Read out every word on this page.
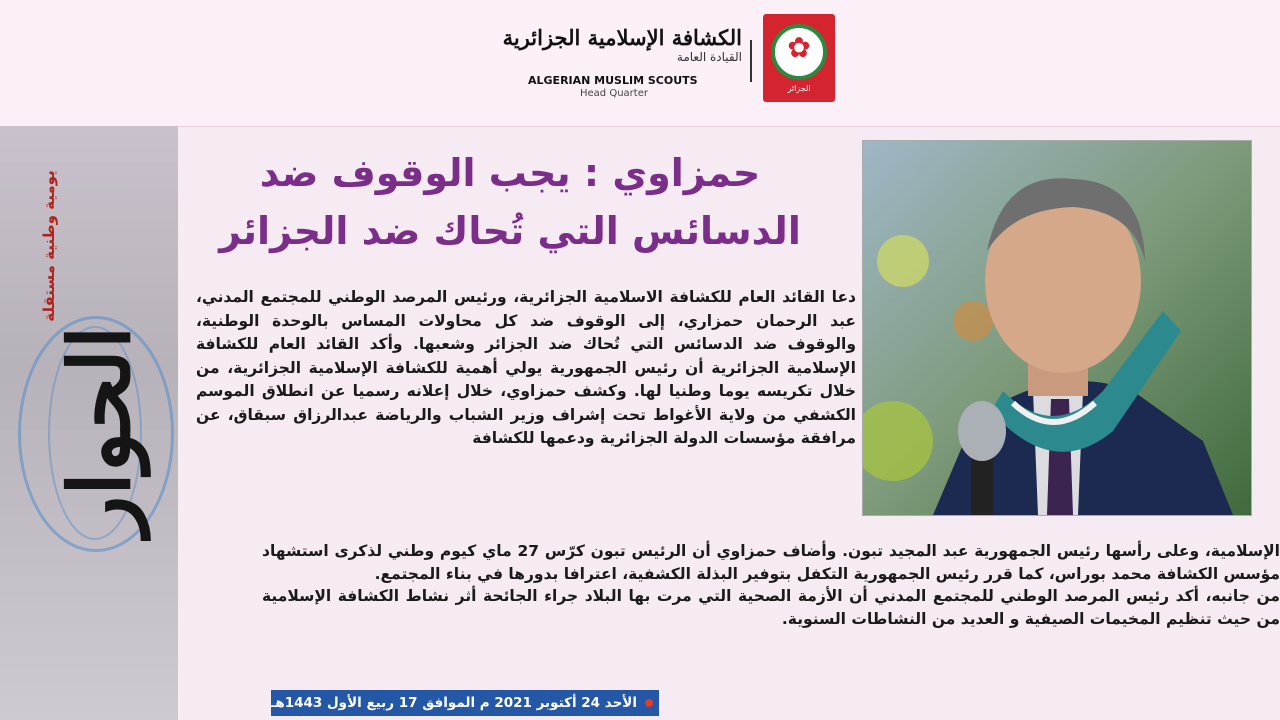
الكشافة الإسلامية الجزائرية
القيادة العامة
ALGERIAN MUSLIM SCOUTS
Head Quarter
✿
الجزائر
الحوار
يومية وطنية مستقلة	حمزاوي : يجب الوقوف ضد
الدسائس التي تُحاك ضد الجزائر
دعا القائد العام للكشافة الاسلامية الجزائرية، ورئيس المرصد الوطني للمجتمع المدني، عبد الرحمان حمزاري، إلى الوقوف ضد كل محاولات المساس بالوحدة الوطنية، والوقوف ضد الدسائس التي تُحاك ضد الجزائر وشعبها. وأكد القائد العام للكشافة الإسلامية الجزائرية أن رئيس الجمهورية يولي أهمية للكشافة الإسلامية الجزائرية، من خلال تكريسه يوما وطنيا لها. وكشف حمزاوي، خلال إعلانه رسميا عن انطلاق الموسم الكشفي من ولاية الأغواط تحت إشراف وزير الشباب والرياضة عبدالرزاق سبقاق، عن مرافقة مؤسسات الدولة الجزائرية ودعمها للكشافة

الإسلامية، وعلى رأسها رئيس الجمهورية عبد المجيد تبون. وأضاف حمزاوي أن الرئيس تبون كرّس 27 ماي كيوم وطني لذكرى استشهاد مؤسس الكشافة محمد بوراس، كما قرر رئيس الجمهورية التكفل بتوفير البذلة الكشفية، اعترافا بدورها في بناء المجتمع.

من جانبه، أكد رئيس المرصد الوطني للمجتمع المدني أن الأزمة الصحية التي مرت بها البلاد جراء الجائحة أثر نشاط الكشافة الإسلامية من حيث تنظيم المخيمات الصيفية و العديد من النشاطات السنوية.

الأحد 24 أكتوبر 2021 م الموافق 17 ربيع الأول 1443هـ
